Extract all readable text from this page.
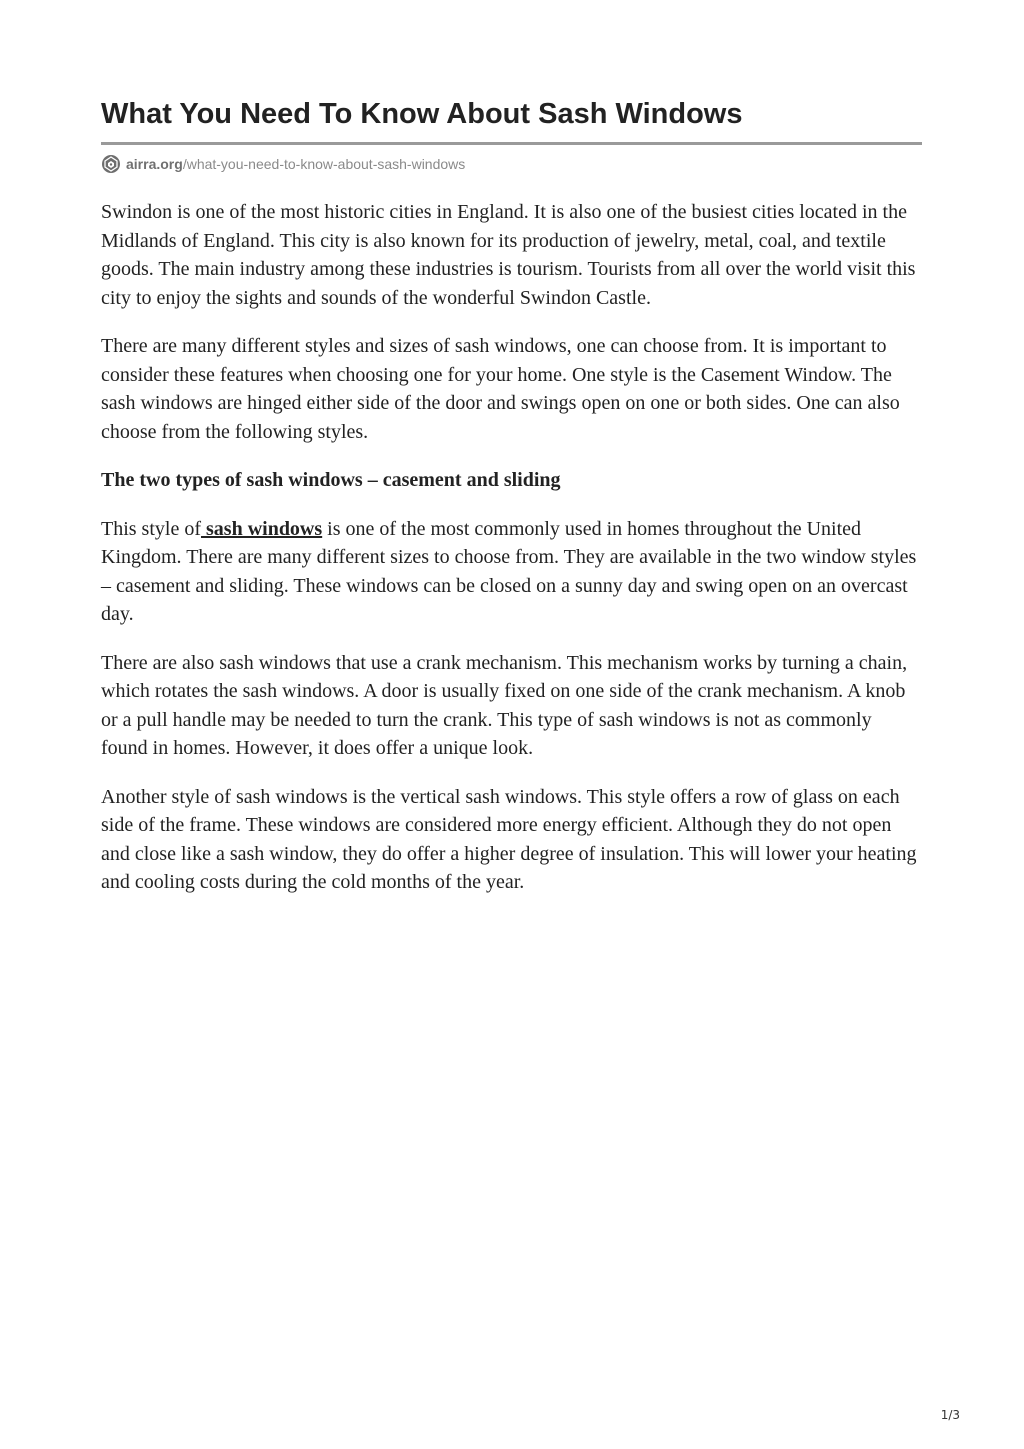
What You Need To Know About Sash Windows
airra.org /what-you-need-to-know-about-sash-windows

Swindon is one of the most historic cities in England. It is also one of the busiest cities located in the Midlands of England. This city is also known for its production of jewelry, metal, coal, and textile goods. The main industry among these industries is tourism. Tourists from all over the world visit this city to enjoy the sights and sounds of the wonderful Swindon Castle.

There are many different styles and sizes of sash windows, one can choose from. It is important to consider these features when choosing one for your home. One style is the Casement Window. The sash windows are hinged either side of the door and swings open on one or both sides. One can also choose from the following styles.

The two types of sash windows – casement and sliding

This style of sash windows is one of the most commonly used in homes throughout the United Kingdom. There are many different sizes to choose from. They are available in the two window styles – casement and sliding. These windows can be closed on a sunny day and swing open on an overcast day.

There are also sash windows that use a crank mechanism. This mechanism works by turning a chain, which rotates the sash windows. A door is usually fixed on one side of the crank mechanism. A knob or a pull handle may be needed to turn the crank. This type of sash windows is not as commonly found in homes. However, it does offer a unique look.

Another style of sash windows is the vertical sash windows. This style offers a row of glass on each side of the frame. These windows are considered more energy efficient. Although they do not open and close like a sash window, they do offer a higher degree of insulation. This will lower your heating and cooling costs during the cold months of the year.

1/3
